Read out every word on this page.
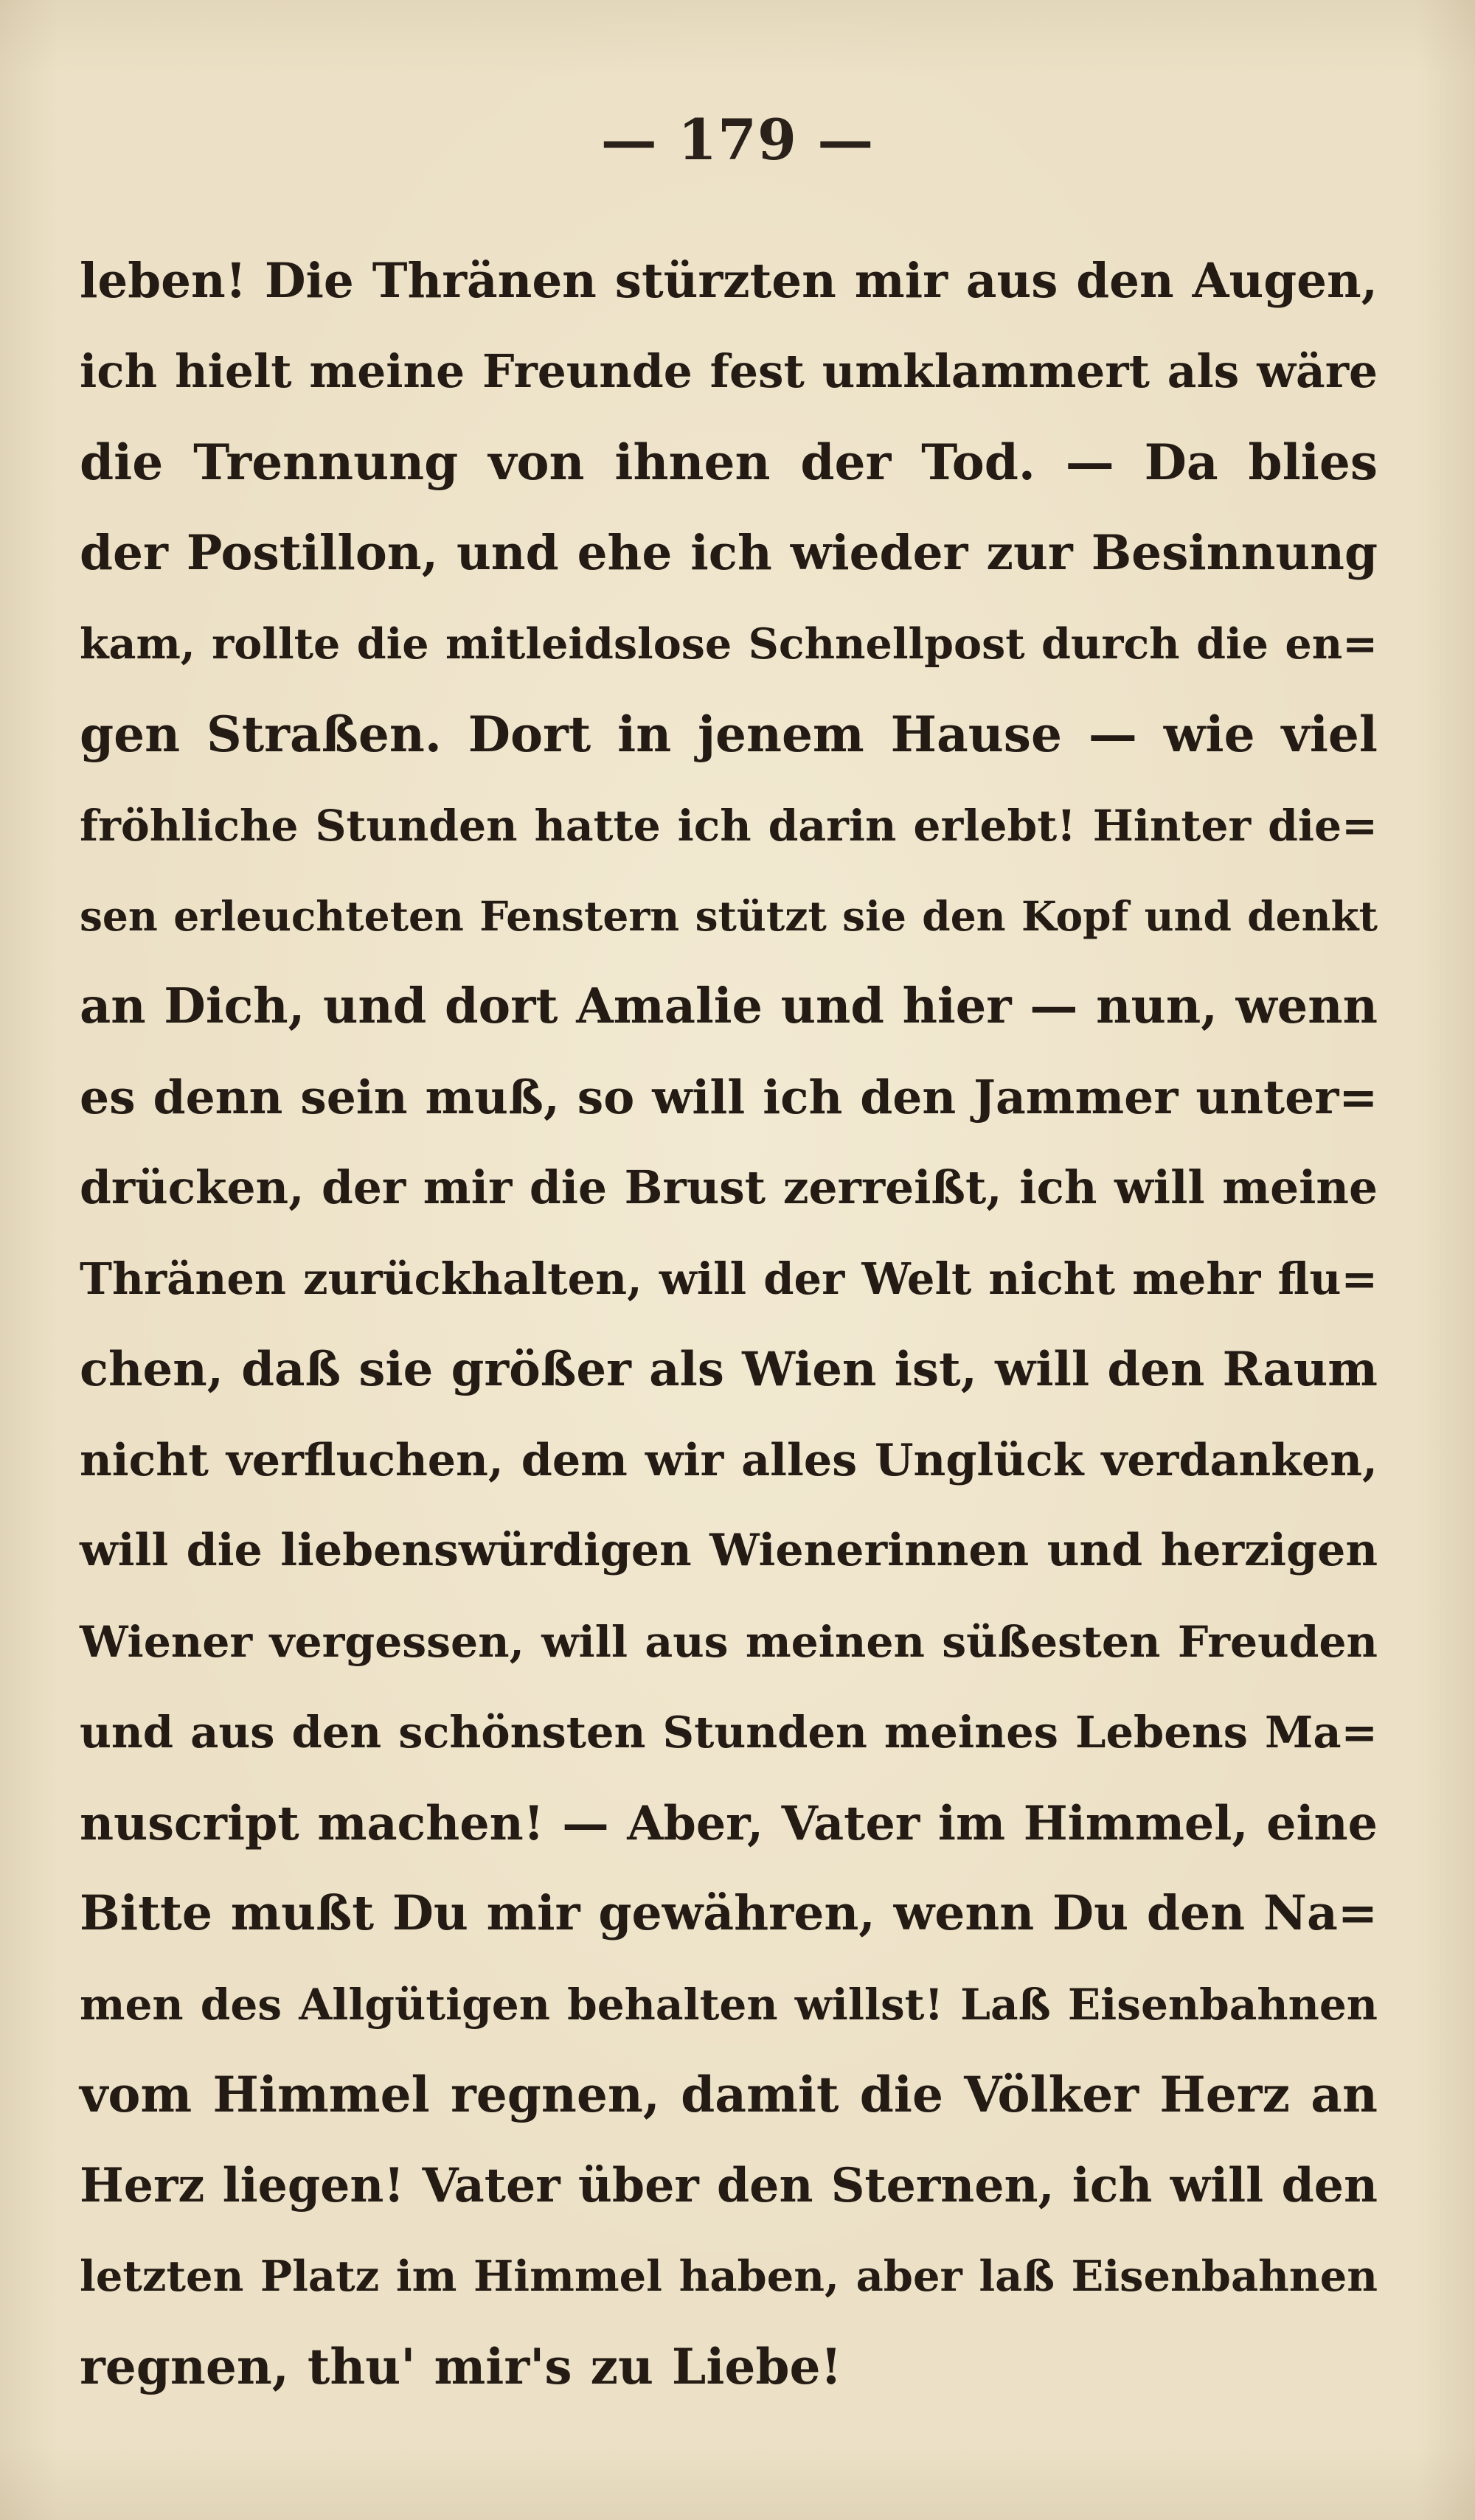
— 179 —
leben! Die Thränen stürzten mir aus den Augen,
ich hielt meine Freunde fest umklammert als wäre
die Trennung von ihnen der Tod. — Da blies
der Postillon, und ehe ich wieder zur Besinnung
kam, rollte die mitleidslose Schnellpost durch die en=
gen Straßen. Dort in jenem Hause — wie viel
fröhliche Stunden hatte ich darin erlebt! Hinter die=
sen erleuchteten Fenstern stützt sie den Kopf und denkt
an Dich, und dort Amalie und hier — nun, wenn
es denn sein muß, so will ich den Jammer unter=
drücken, der mir die Brust zerreißt, ich will meine
Thränen zurückhalten, will der Welt nicht mehr flu=
chen, daß sie größer als Wien ist, will den Raum
nicht verfluchen, dem wir alles Unglück verdanken,
will die liebenswürdigen Wienerinnen und herzigen
Wiener vergessen, will aus meinen süßesten Freuden
und aus den schönsten Stunden meines Lebens Ma=
nuscript machen! — Aber, Vater im Himmel, eine
Bitte mußt Du mir gewähren, wenn Du den Na=
men des Allgütigen behalten willst! Laß Eisenbahnen
vom Himmel regnen, damit die Völker Herz an
Herz liegen! Vater über den Sternen, ich will den
letzten Platz im Himmel haben, aber laß Eisenbahnen
regnen, thu' mir's zu Liebe!
